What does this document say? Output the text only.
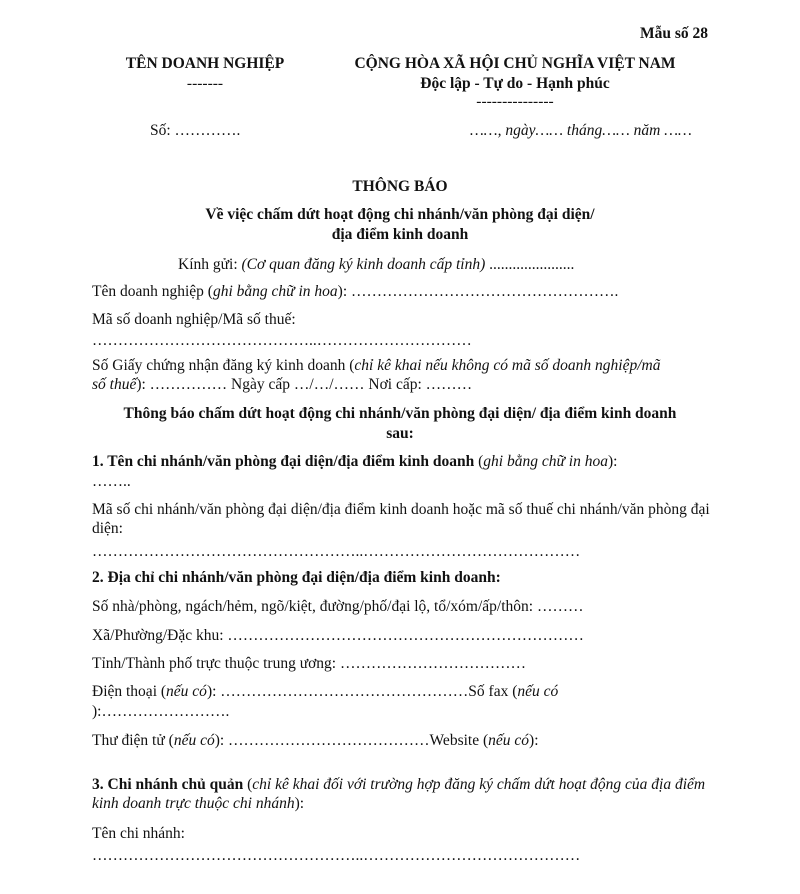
Mẫu số 28
TÊN DOANH NGHIỆP
-------
CỘNG HÒA XÃ HỘI CHỦ NGHĨA VIỆT NAM
Độc lập - Tự do - Hạnh phúc
---------------
Số: ………….	……, ngày…… tháng…… năm ……
THÔNG BÁO
Về việc chấm dứt hoạt động chi nhánh/văn phòng đại diện/
địa điểm kinh doanh
Kính gửi: (Cơ quan đăng ký kinh doanh cấp tỉnh) ......................
Tên doanh nghiệp (ghi bằng chữ in hoa): …………………………………………….
Mã số doanh nghiệp/Mã số thuế:
……………………………………..…………………………
Số Giấy chứng nhận đăng ký kinh doanh (chỉ kê khai nếu không có mã số doanh nghiệp/mã số thuế): …………… Ngày cấp …/…/…… Nơi cấp: ………
Thông báo chấm dứt hoạt động chi nhánh/văn phòng đại diện/ địa điểm kinh doanh
sau:
1. Tên chi nhánh/văn phòng đại diện/địa điểm kinh doanh (ghi bằng chữ in hoa):
……..
Mã số chi nhánh/văn phòng đại diện/địa điểm kinh doanh hoặc mã số thuế chi nhánh/văn phòng đại diện:
……………………………………………..……………………………………
2. Địa chỉ chi nhánh/văn phòng đại diện/địa điểm kinh doanh:
Số nhà/phòng, ngách/hẻm, ngõ/kiệt, đường/phố/đại lộ, tổ/xóm/ấp/thôn: ………
Xã/Phường/Đặc khu: ……………………………………………………………
Tỉnh/Thành phố trực thuộc trung ương: ………………………………
Điện thoại (nếu có): …………………………………………Số fax (nếu có
):…………………….
Thư điện tử (nếu có): …………………………………Website (nếu có):
3. Chi nhánh chủ quản (chỉ kê khai đối với trường hợp đăng ký chấm dứt hoạt động của địa điểm kinh doanh trực thuộc chi nhánh):
Tên chi nhánh:
……………………………………………..……………………………………
